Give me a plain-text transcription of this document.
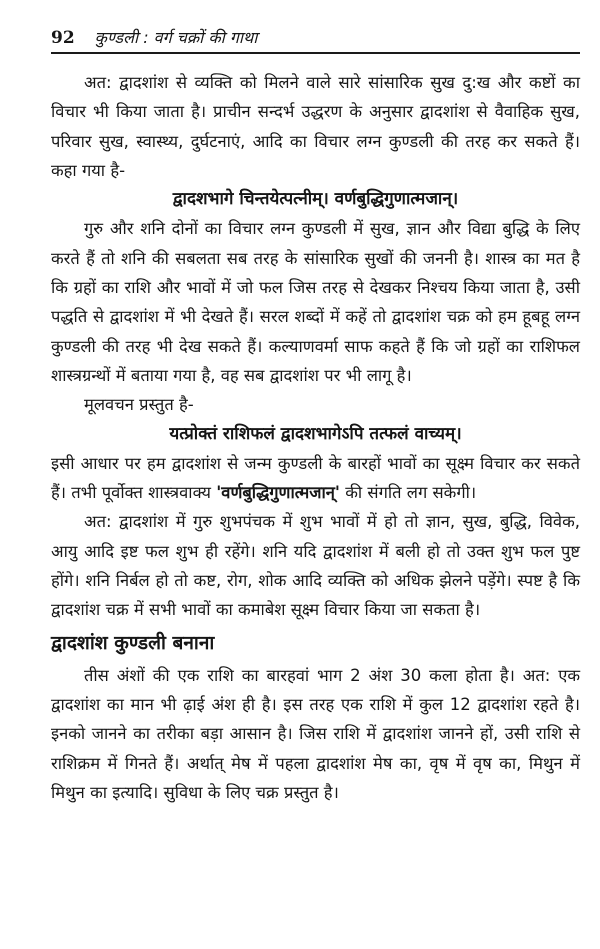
92 कुण्डली : वर्ग चक्रों की गाथा

अत: द्वादशांश से व्यक्ति को मिलने वाले सारे सांसारिक सुख दु:ख और कष्टों का विचार भी किया जाता है। प्राचीन सन्दर्भ उद्धरण के अनुसार द्वादशांश से वैवाहिक सुख, परिवार सुख, स्वास्थ्य, दुर्घटनाएं, आदि का विचार लग्न कुण्डली की तरह कर सकते हैं। कहा गया है-

द्वादशभागे चिन्तयेत्पत्नीम्। वर्णबुद्धिगुणात्मजान्।

गुरु और शनि दोनों का विचार लग्न कुण्डली में सुख, ज्ञान और विद्या बुद्धि के लिए करते हैं तो शनि की सबलता सब तरह के सांसारिक सुखों की जननी है। शास्त्र का मत है कि ग्रहों का राशि और भावों में जो फल जिस तरह से देखकर निश्चय किया जाता है, उसी पद्धति से द्वादशांश में भी देखते हैं। सरल शब्दों में कहें तो द्वादशांश चक्र को हम हूबहू लग्न कुण्डली की तरह भी देख सकते हैं। कल्याणवर्मा साफ कहते हैं कि जो ग्रहों का राशिफल शास्त्रग्रन्थों में बताया गया है, वह सब द्वादशांश पर भी लागू है।

मूलवचन प्रस्तुत है-

यत्प्रोक्तं राशिफलं द्वादशभागेऽपि तत्फलं वाच्यम्।

इसी आधार पर हम द्वादशांश से जन्म कुण्डली के बारहों भावों का सूक्ष्म विचार कर सकते हैं। तभी पूर्वोक्त शास्त्रवाक्य 'वर्णबुद्धिगुणात्मजान्' की संगति लग सकेगी।

अत: द्वादशांश में गुरु शुभपंचक में शुभ भावों में हो तो ज्ञान, सुख, बुद्धि, विवेक, आयु आदि इष्ट फल शुभ ही रहेंगे। शनि यदि द्वादशांश में बली हो तो उक्त शुभ फल पुष्ट होंगे। शनि निर्बल हो तो कष्ट, रोग, शोक आदि व्यक्ति को अधिक झेलने पड़ेंगे। स्पष्ट है कि द्वादशांश चक्र में सभी भावों का कमाबेश सूक्ष्म विचार किया जा सकता है।

द्वादशांश कुण्डली बनाना

तीस अंशों की एक राशि का बारहवां भाग 2 अंश 30 कला होता है। अत: एक द्वादशांश का मान भी ढ़ाई अंश ही है। इस तरह एक राशि में कुल 12 द्वादशांश रहते है। इनको जानने का तरीका बड़ा आसान है। जिस राशि में द्वादशांश जानने हों, उसी राशि से राशिक्रम में गिनते हैं। अर्थात् मेष में पहला द्वादशांश मेष का, वृष में वृष का, मिथुन में मिथुन का इत्यादि। सुविधा के लिए चक्र प्रस्तुत है।
